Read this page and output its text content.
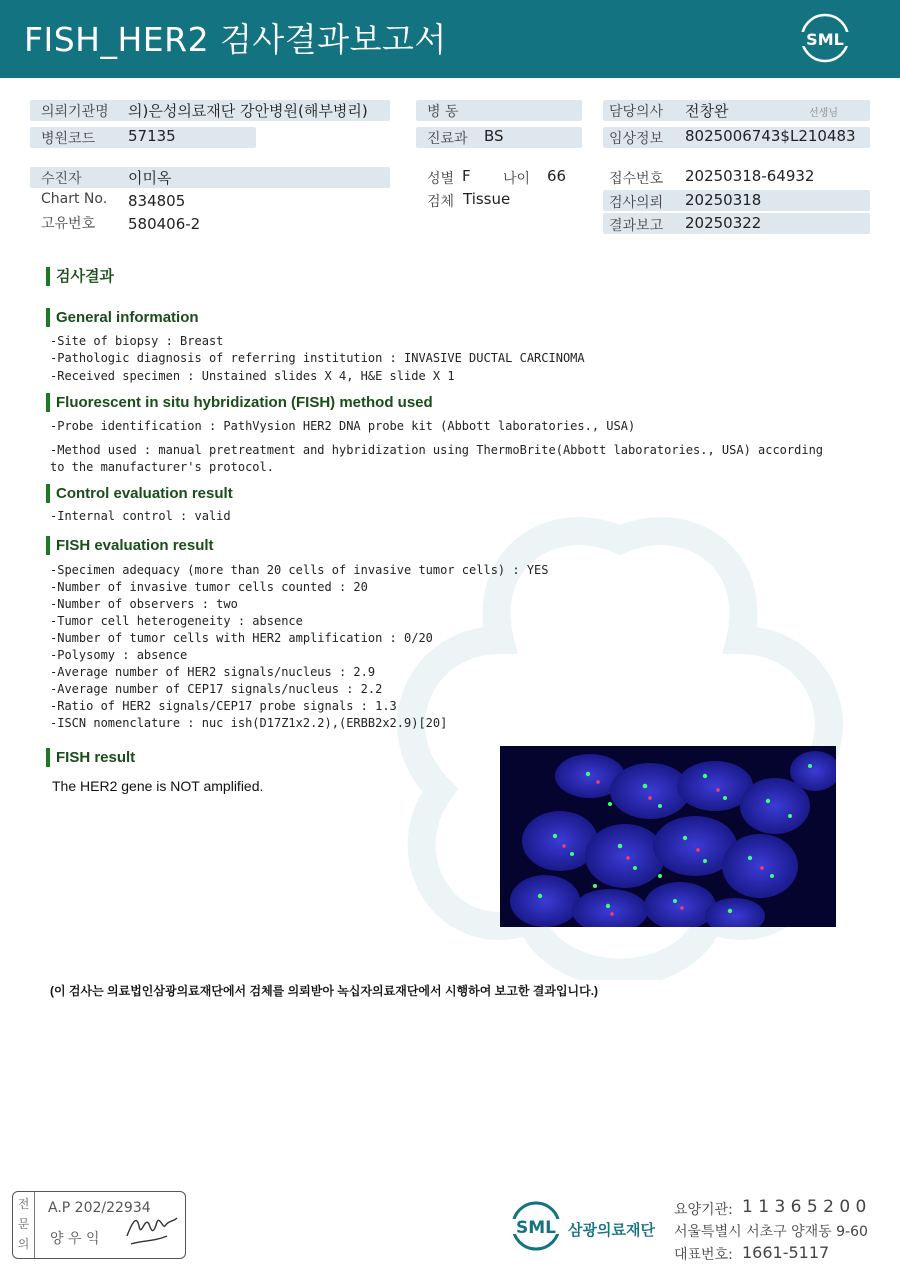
FISH_HER2 검사결과보고서	SML
의뢰기관명 의)은성의료재단 강안병원(해부병리)
병원코드 57135
병 동
진료과 BS
담당의사 전창완	선생님
임상정보 8025006743$L210483
수진자	이미옥
Chart No. 834805
고유번호 580406-2
성별 F 나이 66
검체 Tissue
접수번호 20250318-64932
검사의뢰 20250318
결과보고 20250322
검사결과
General information
-Site of biopsy : Breast
-Pathologic diagnosis of referring institution : INVASIVE DUCTAL CARCINOMA
-Received specimen : Unstained slides X 4, H&E slide X 1
Fluorescent in situ hybridization (FISH) method used
-Probe identification : PathVysion HER2 DNA probe kit (Abbott laboratories., USA)
-Method used : manual pretreatment and hybridization using ThermoBrite(Abbott laboratories., USA) according
to the manufacturer's protocol.
Control evaluation result
-Internal control : valid
FISH evaluation result
-Specimen adequacy (more than 20 cells of invasive tumor cells) : YES
-Number of invasive tumor cells counted : 20
-Number of observers : two
-Tumor cell heterogeneity : absence
-Number of tumor cells with HER2 amplification : 0/20
-Polysomy : absence
-Average number of HER2 signals/nucleus : 2.9
-Average number of CEP17 signals/nucleus : 2.2
-Ratio of HER2 signals/CEP17 probe signals : 1.3
-ISCN nomenclature : nuc ish(D17Z1x2.2),(ERBB2x2.9)[20]
FISH result
The HER2 gene is NOT amplified.
(이 검사는 의료법인삼광의료재단에서 검체를 의뢰받아 녹십자의료재단에서 시행하여 보고한 결과입니다.)
전
문
의
A.P 202/22934
양 우 익
SML 삼광의료재단
요양기관: 1 1 3 6 5 2 0 0
서울특별시 서초구 양재동 9-60
대표번호: 1661-5117
